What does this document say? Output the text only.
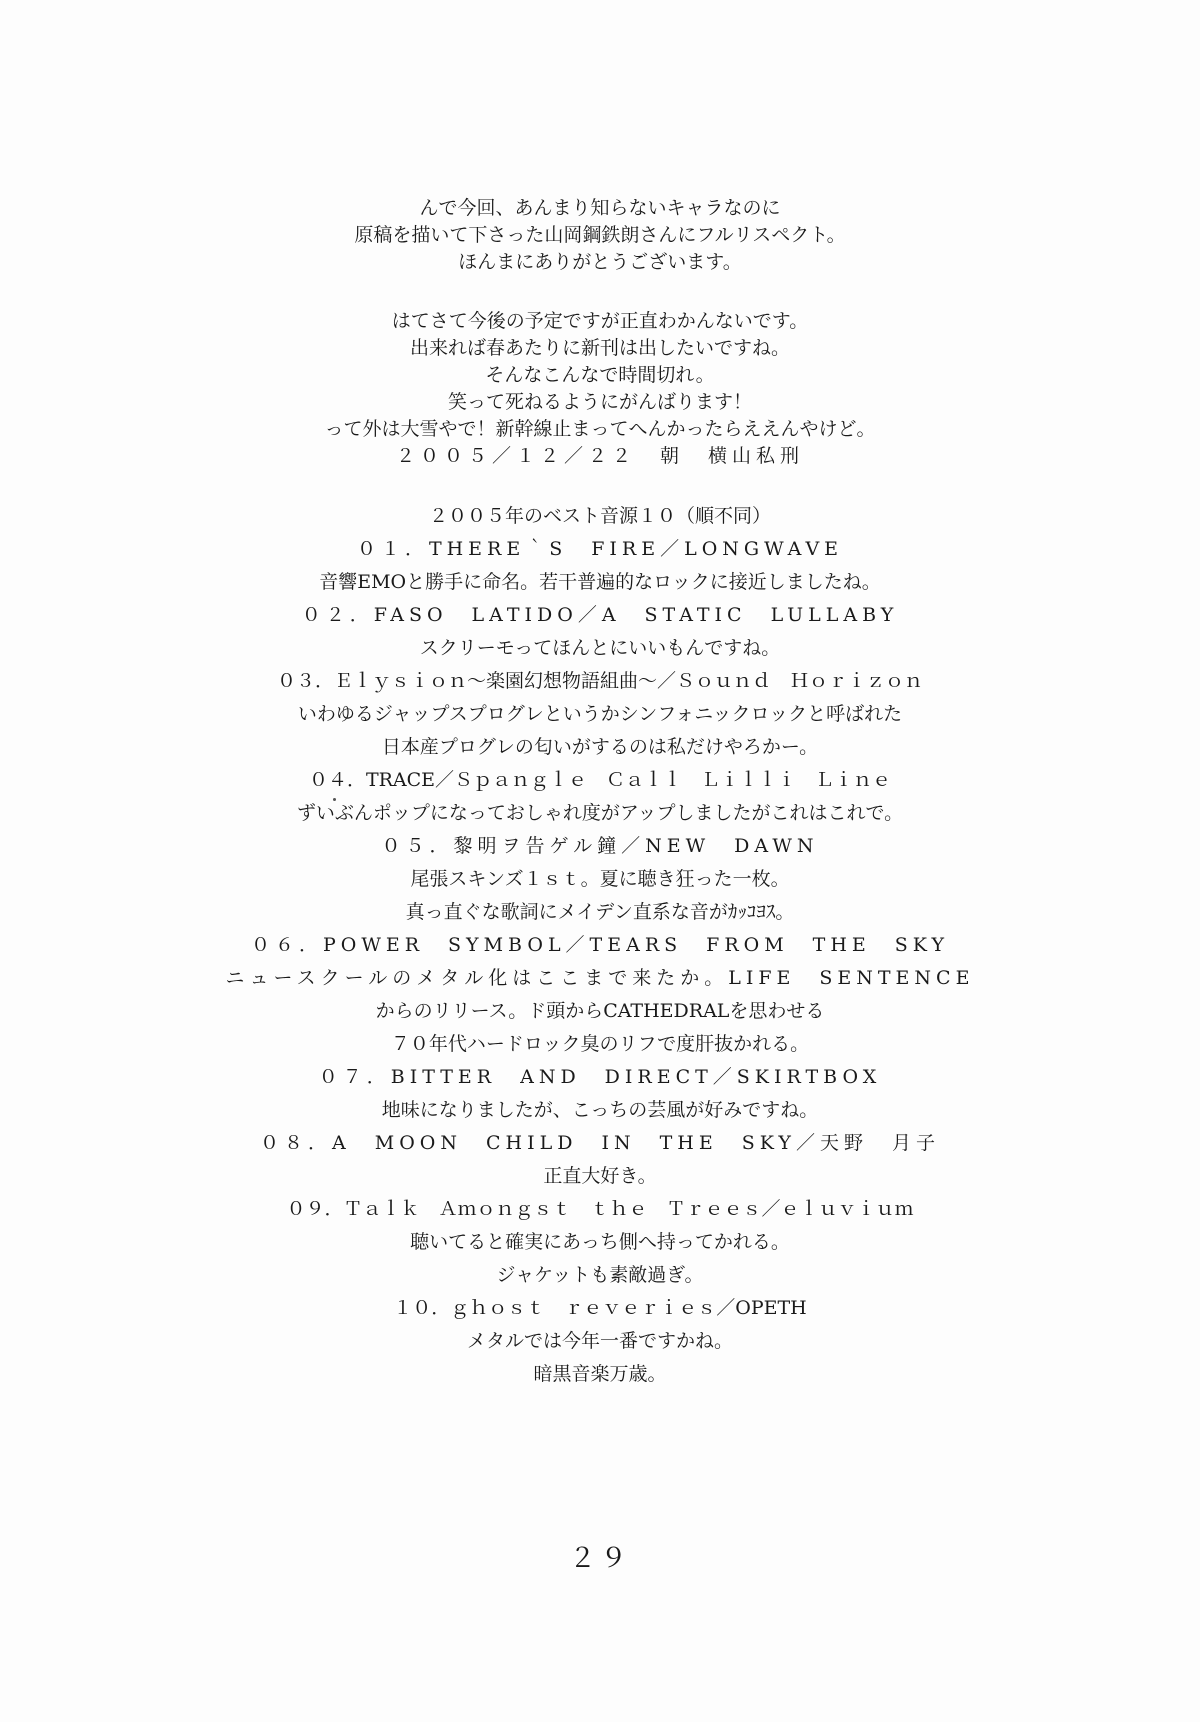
んで今回、あんまり知らないキャラなのに
原稿を描いて下さった山岡鋼鉄朗さんにフルリスペクト。
ほんまにありがとうございます。
はてさて今後の予定ですが正直わかんないです。
出来れば春あたりに新刊は出したいですね。
そんなこんなで時間切れ。
笑って死ねるようにがんばります！
って外は大雪やで！新幹線止まってへんかったらええんやけど。
２００５／１２／２２　朝　横山私刑
２００５年のベスト音源１０（順不同）
０１．THERE｀S　FIRE／LONGWAVE
音響EMOと勝手に命名。若干普遍的なロックに接近しましたね。
０２．FASO　LATIDO／A　STATIC　LULLABY
スクリーモってほんとにいいもんですね。
０３．Ｅｌｙｓｉｏｎ～楽園幻想物語組曲～／Ｓｏｕｎｄ　Ｈｏｒｉｚｏｎ
いわゆるジャップスプログレというかシンフォニックロックと呼ばれた
日本産プログレの匂いがするのは私だけやろかー。
０４．TRACE／Ｓｐａｎｇｌｅ　Ｃａｌｌ　Ｌｉｌｌｉ　Ｌｉｎｅ
ずいぶんポップになっておしゃれ度がアップしましたがこれはこれで。
０５．黎明ヲ告ゲル鐘／NEW　DAWN
尾張スキンズ１ｓｔ。夏に聴き狂った一枚。
真っ直ぐな歌詞にメイデン直系な音がｶｯｺﾖｽ。
０６．POWER　SYMBOL／TEARS　FROM　THE　SKY
ニュースクールのメタル化はここまで来たか。LIFE　SENTENCE
からのリリース。ド頭からCATHEDRALを思わせる
７０年代ハードロック臭のリフで度肝抜かれる。
０７．BITTER　AND　DIRECT／SKIRTBOX
地味になりましたが、こっちの芸風が好みですね。
０８．A　MOON　CHILD　IN　THE　SKY／天野　月子
正直大好き。
０９．Ｔａｌｋ　Ａｍｏｎｇｓｔ　ｔｈｅ　Ｔｒｅｅｓ／ｅｌｕｖｉｕｍ
聴いてると確実にあっち側へ持ってかれる。
ジャケットも素敵過ぎ。
１０．ｇｈｏｓｔ　ｒｅｖｅｒｉｅｓ／OPETH
メタルでは今年一番ですかね。
暗黒音楽万歳。
２９
